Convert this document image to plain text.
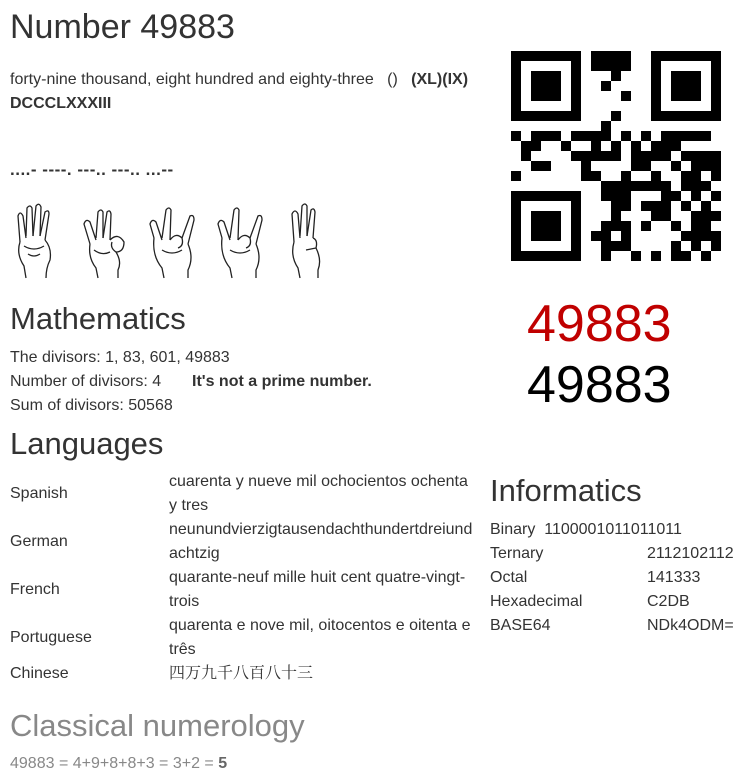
Number 49883
forty-nine thousand, eight hundred and eighty-three () (XL)(IX) DCCCLXXXIII
....- ----. ---.. ---.. ...--
49883
49883
Mathematics
The divisors: 1, 83, 601, 49883
Number of divisors: 4 It's not a prime number.
Sum of divisors: 50568
Languages
Spanish	cuarenta y nueve mil ochocientos ochenta y tres
German	neunundvierzigtausendachthundertdreiundachtzig
French	quarante-neuf mille huit cent quatre-vingt-trois
Portuguese	quarenta e nove mil, oitocentos e oitenta e três
Chinese	四万九千八百八十三
Informatics
Binary 1100001011011011
Ternary	2112102112
Octal	141333
Hexadecimal	C2DB
BASE64	NDk4ODM=
Classical numerology
49883 = 4+9+8+8+3 = 3+2 = 5
